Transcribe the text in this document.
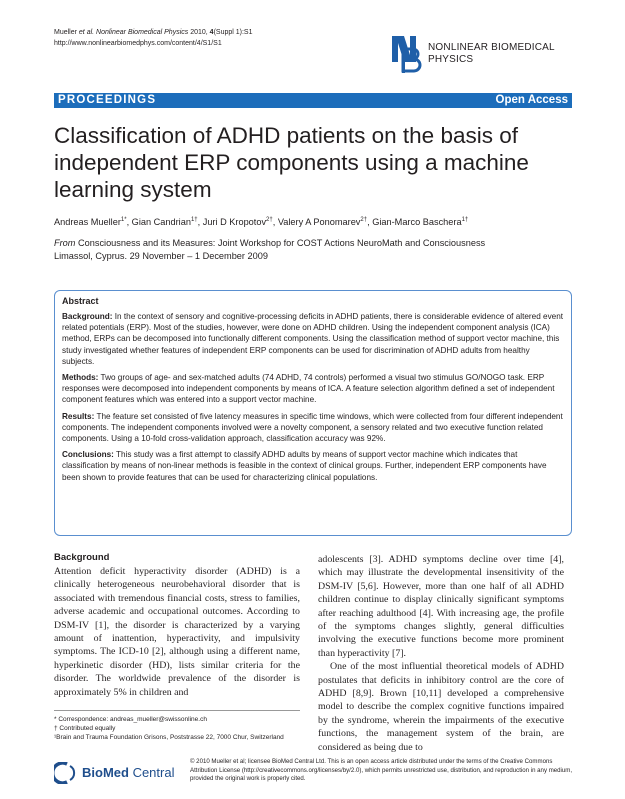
Mueller et al. Nonlinear Biomedical Physics 2010, 4(Suppl 1):S1
http://www.nonlinearbiomedphys.com/content/4/S1/S1	NONLINEAR BIOMEDICAL
PHYSICS
PROCEEDINGS	Open Access
Classification of ADHD patients on the basis of independent ERP components using a machine learning system
Andreas Mueller$^{1*}$, Gian Candrian$^{1\dagger}$, Juri D Kropotov$^{2\dagger}$, Valery A Ponomarev$^{2\dagger}$, Gian-Marco Baschera$^{1\dagger}$
From Consciousness and its Measures: Joint Workshop for COST Actions NeuroMath and Consciousness
Limassol, Cyprus. 29 November – 1 December 2009
Abstract

Background: In the context of sensory and cognitive-processing deficits in ADHD patients, there is considerable evidence of altered event related potentials (ERP). Most of the studies, however, were done on ADHD children. Using the independent component analysis (ICA) method, ERPs can be decomposed into functionally different components. Using the classification method of support vector machine, this study investigated whether features of independent ERP components can be used for discrimination of ADHD adults from healthy subjects.

Methods: Two groups of age- and sex-matched adults (74 ADHD, 74 controls) performed a visual two stimulus GO/NOGO task. ERP responses were decomposed into independent components by means of ICA. A feature selection algorithm defined a set of independent component features which was entered into a support vector machine.

Results: The feature set consisted of five latency measures in specific time windows, which were collected from four different independent components. The independent components involved were a novelty component, a sensory related and two executive function related components. Using a 10-fold cross-validation approach, classification accuracy was 92%.

Conclusions: This study was a first attempt to classify ADHD adults by means of support vector machine which indicates that classification by means of non-linear methods is feasible in the context of clinical groups. Further, independent ERP components have been shown to provide features that can be used for characterizing clinical populations.

Background

Attention deficit hyperactivity disorder (ADHD) is a clinically heterogeneous neurobehavioral disorder that is associated with tremendous financial costs, stress to families, adverse academic and occupational outcomes. According to DSM-IV [1], the disorder is characterized by a varying amount of inattention, hyperactivity, and impulsivity symptoms. The ICD-10 [2], although using a different name, hyperkinetic disorder (HD), lists similar criteria for the disorder. The worldwide prevalence of the disorder is approximately 5% in children and

adolescents [3]. ADHD symptoms decline over time [4], which may illustrate the developmental insensitivity of the DSM-IV [5,6]. However, more than one half of all ADHD children continue to display clinically significant symptoms after reaching adulthood [4]. With increasing age, the profile of the symptoms changes slightly, general difficulties involving the executive functions become more prominent than hyperactivity [7].

One of the most influential theoretical models of ADHD postulates that deficits in inhibitory control are the core of ADHD [8,9]. Brown [10,11] developed a comprehensive model to describe the complex cognitive functions impaired by the syndrome, wherein the impairments of the executive functions, the management system of the brain, are considered as being due to

* Correspondence: andreas_mueller@swissonline.ch
† Contributed equally
¹Brain and Trauma Foundation Grisons, Poststrasse 22, 7000 Chur, Switzerland
BioMed Central
© 2010 Mueller et al; licensee BioMed Central Ltd. This is an open access article distributed under the terms of the Creative Commons Attribution License (http://creativecommons.org/licenses/by/2.0), which permits unrestricted use, distribution, and reproduction in any medium, provided the original work is properly cited.
